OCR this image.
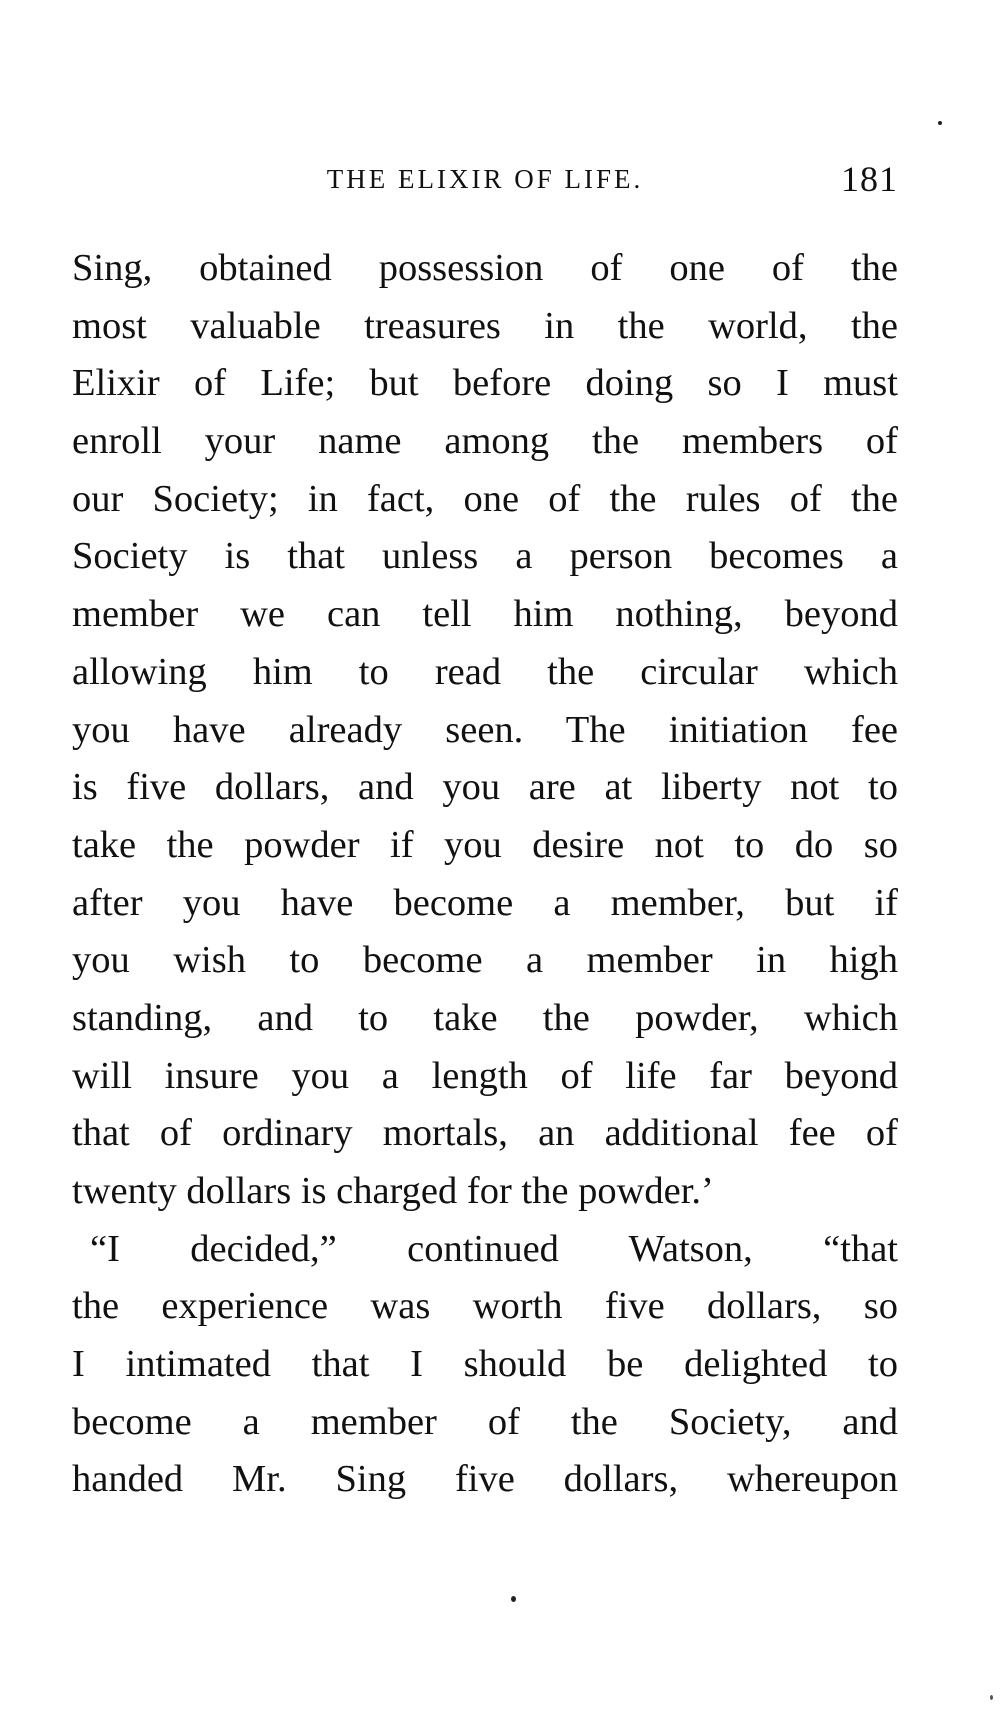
THE ELIXIR OF LIFE.	181
Sing, obtained possession of one of the
most valuable treasures in the world, the
Elixir of Life; but before doing so I must
enroll your name among the members of
our Society; in fact, one of the rules of the
Society is that unless a person becomes a
member we can tell him nothing, beyond
allowing him to read the circular which
you have already seen. The initiation fee
is five dollars, and you are at liberty not to
take the powder if you desire not to do so
after you have become a member, but if
you wish to become a member in high
standing, and to take the powder, which
will insure you a length of life far beyond
that of ordinary mortals, an additional fee of
twenty dollars is charged for the powder.’
“I decided,” continued Watson, “that
the experience was worth five dollars, so
I intimated that I should be delighted to
become a member of the Society, and
handed Mr. Sing five dollars, whereupon
